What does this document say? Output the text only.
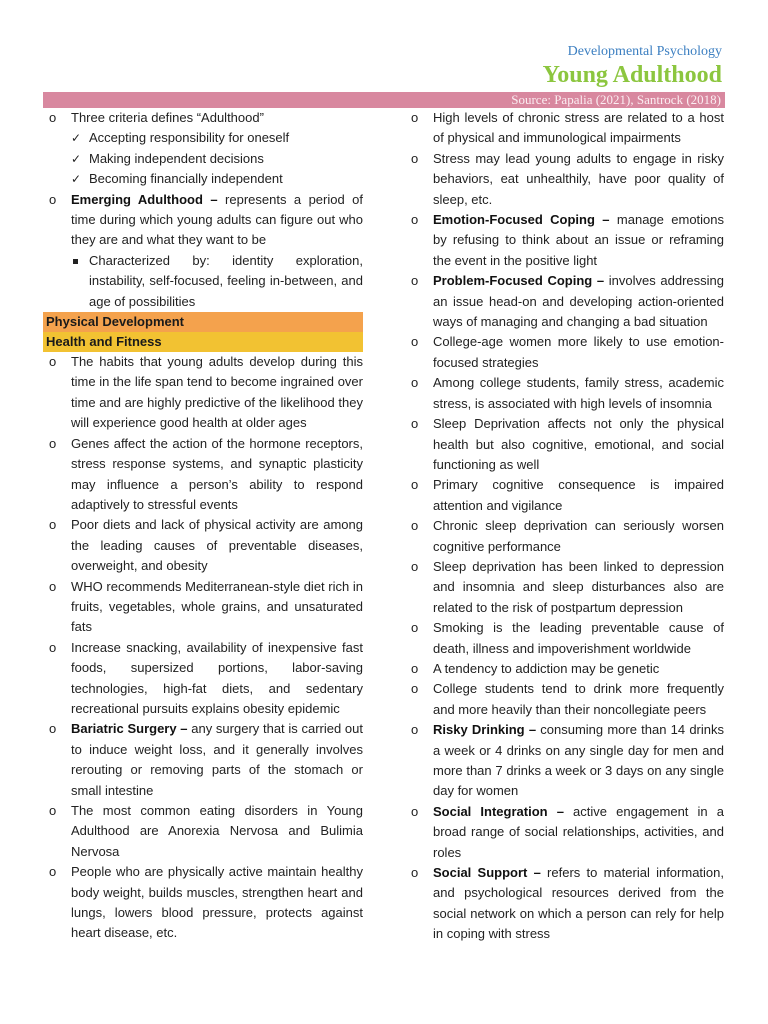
Developmental Psychology
Young Adulthood
Source: Papalia (2021), Santrock (2018)
o Three criteria defines “Adulthood”
✓ Accepting responsibility for oneself
✓ Making independent decisions
✓ Becoming financially independent
o Emerging Adulthood – represents a period of time during which young adults can figure out who they are and what they want to be
Characterized by: identity exploration, instability, self-focused, feeling in-between, and age of possibilities
Physical Development
Health and Fitness
o The habits that young adults develop during this time in the life span tend to become ingrained over time and are highly predictive of the likelihood they will experience good health at older ages
o Genes affect the action of the hormone receptors, stress response systems, and synaptic plasticity may influence a person’s ability to respond adaptively to stressful events
o Poor diets and lack of physical activity are among the leading causes of preventable diseases, overweight, and obesity
o WHO recommends Mediterranean-style diet rich in fruits, vegetables, whole grains, and unsaturated fats
o Increase snacking, availability of inexpensive fast foods, supersized portions, labor-saving technologies, high-fat diets, and sedentary recreational pursuits explains obesity epidemic
o Bariatric Surgery – any surgery that is carried out to induce weight loss, and it generally involves rerouting or removing parts of the stomach or small intestine
o The most common eating disorders in Young Adulthood are Anorexia Nervosa and Bulimia Nervosa
o People who are physically active maintain healthy body weight, builds muscles, strengthen heart and lungs, lowers blood pressure, protects against heart disease, etc.
o High levels of chronic stress are related to a host of physical and immunological impairments
o Stress may lead young adults to engage in risky behaviors, eat unhealthily, have poor quality of sleep, etc.
o Emotion-Focused Coping – manage emotions by refusing to think about an issue or reframing the event in the positive light
o Problem-Focused Coping – involves addressing an issue head-on and developing action-oriented ways of managing and changing a bad situation
o College-age women more likely to use emotion-focused strategies
o Among college students, family stress, academic stress, is associated with high levels of insomnia
o Sleep Deprivation affects not only the physical health but also cognitive, emotional, and social functioning as well
o Primary cognitive consequence is impaired attention and vigilance
o Chronic sleep deprivation can seriously worsen cognitive performance
o Sleep deprivation has been linked to depression and insomnia and sleep disturbances also are related to the risk of postpartum depression
o Smoking is the leading preventable cause of death, illness and impoverishment worldwide
o A tendency to addiction may be genetic
o College students tend to drink more frequently and more heavily than their noncollegiate peers
o Risky Drinking – consuming more than 14 drinks a week or 4 drinks on any single day for men and more than 7 drinks a week or 3 days on any single day for women
o Social Integration – active engagement in a broad range of social relationships, activities, and roles
o Social Support – refers to material information, and psychological resources derived from the social network on which a person can rely for help in coping with stress
